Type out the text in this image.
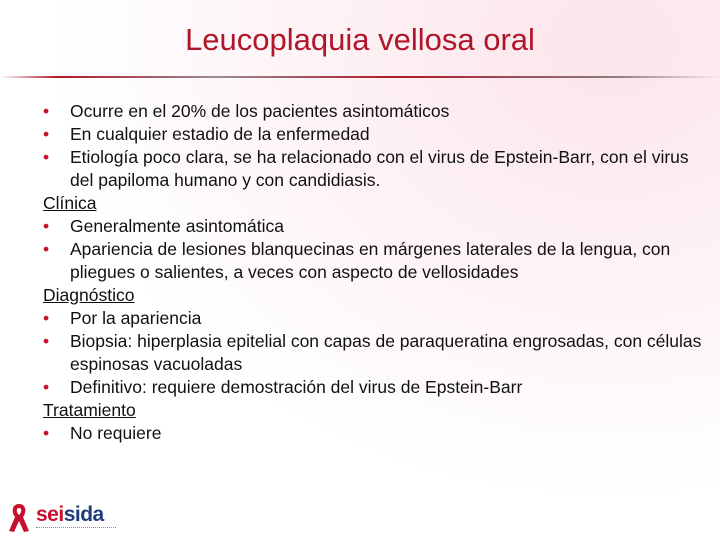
Leucoplaquia vellosa oral
• Ocurre en el 20% de los pacientes asintomáticos
• En cualquier estadio de la enfermedad
• Etiología poco clara, se ha relacionado con el virus de Epstein-Barr, con el virus del papiloma humano y con candidiasis.
Clínica
• Generalmente asintomática
• Apariencia de lesiones blanquecinas en márgenes laterales de la lengua, con pliegues o salientes, a veces con aspecto de vellosidades
Diagnóstico
• Por la apariencia
• Biopsia: hiperplasia epitelial con capas de paraqueratina engrosadas, con células espinosas vacuoladas
• Definitivo: requiere demostración del virus de Epstein-Barr
Tratamiento
• No requiere
seisida
